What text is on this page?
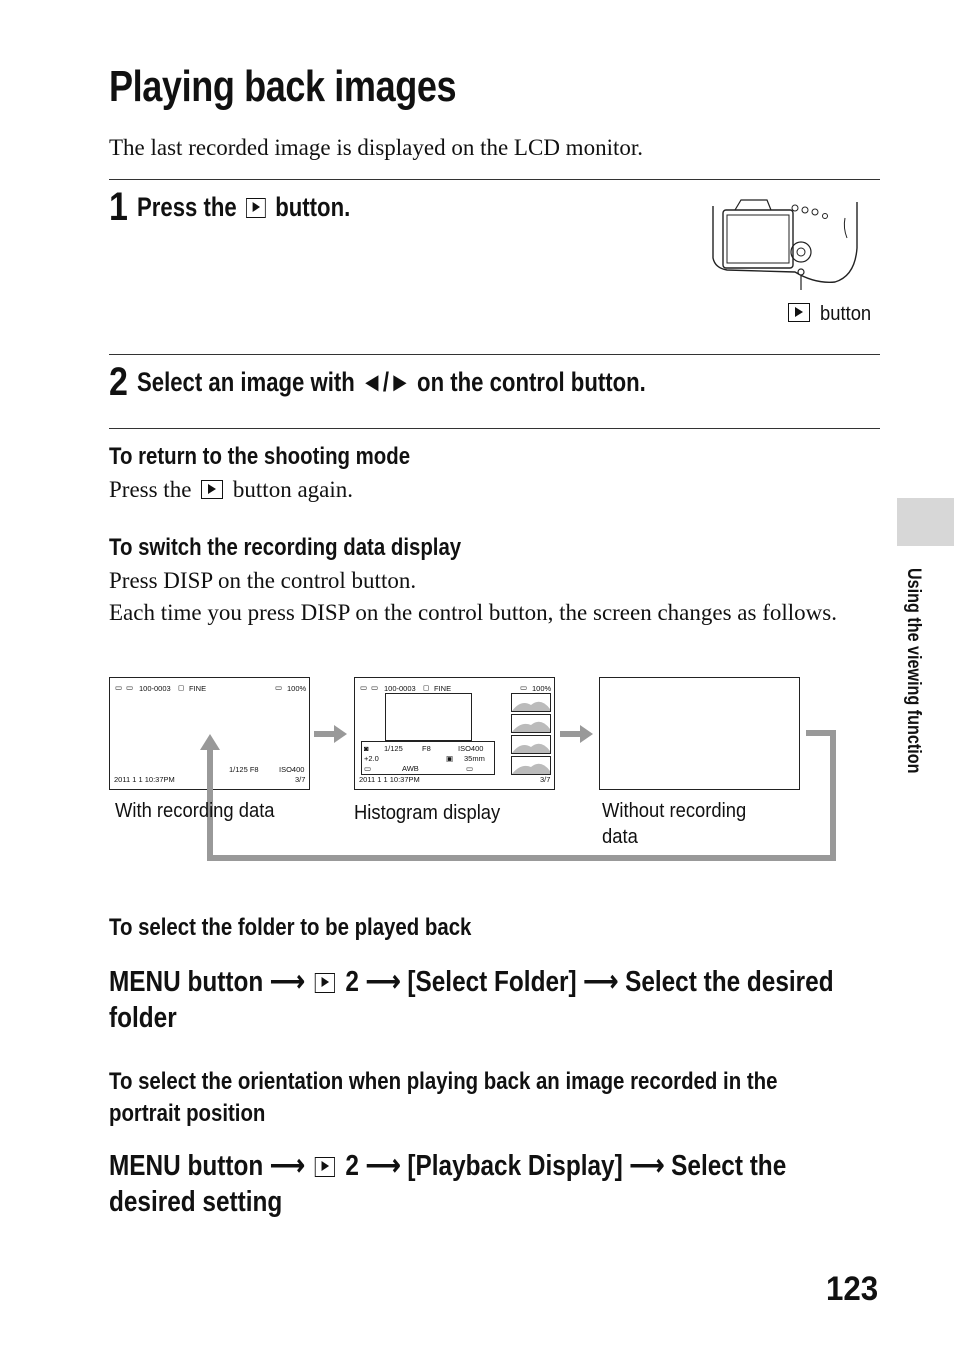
Playing back images
The last recorded image is displayed on the LCD monitor.
1 Press the button.
button
2 Select an image with ◄/► on the control button.
To return to the shooting mode
Press the button again.
To switch the recording data display
Press DISP on the control button.
Each time you press DISP on the control button, the screen changes as follows.
▭ ▭ 100-0003 ◻ FINE	▭ 100%
1/125 F8	ISO400
2011 1 1 10:37PM	3/7
▭ ▭ 100-0003 ◻ FINE	▭ 100%
◙ 1/125	F8	ISO400
+2.0	▣ 35mm
▭	AWB	▭
2011 1 1 10:37PM	3/7
With recording data	Histogram display	Without recording
data
To select the folder to be played back
MENU button ⟶ 2 ⟶ [Select Folder] ⟶ Select the desired
folder
To select the orientation when playing back an image recorded in the
portrait position
MENU button ⟶ 2 ⟶ [Playback Display] ⟶ Select the
desired setting
Using the viewing function
123
